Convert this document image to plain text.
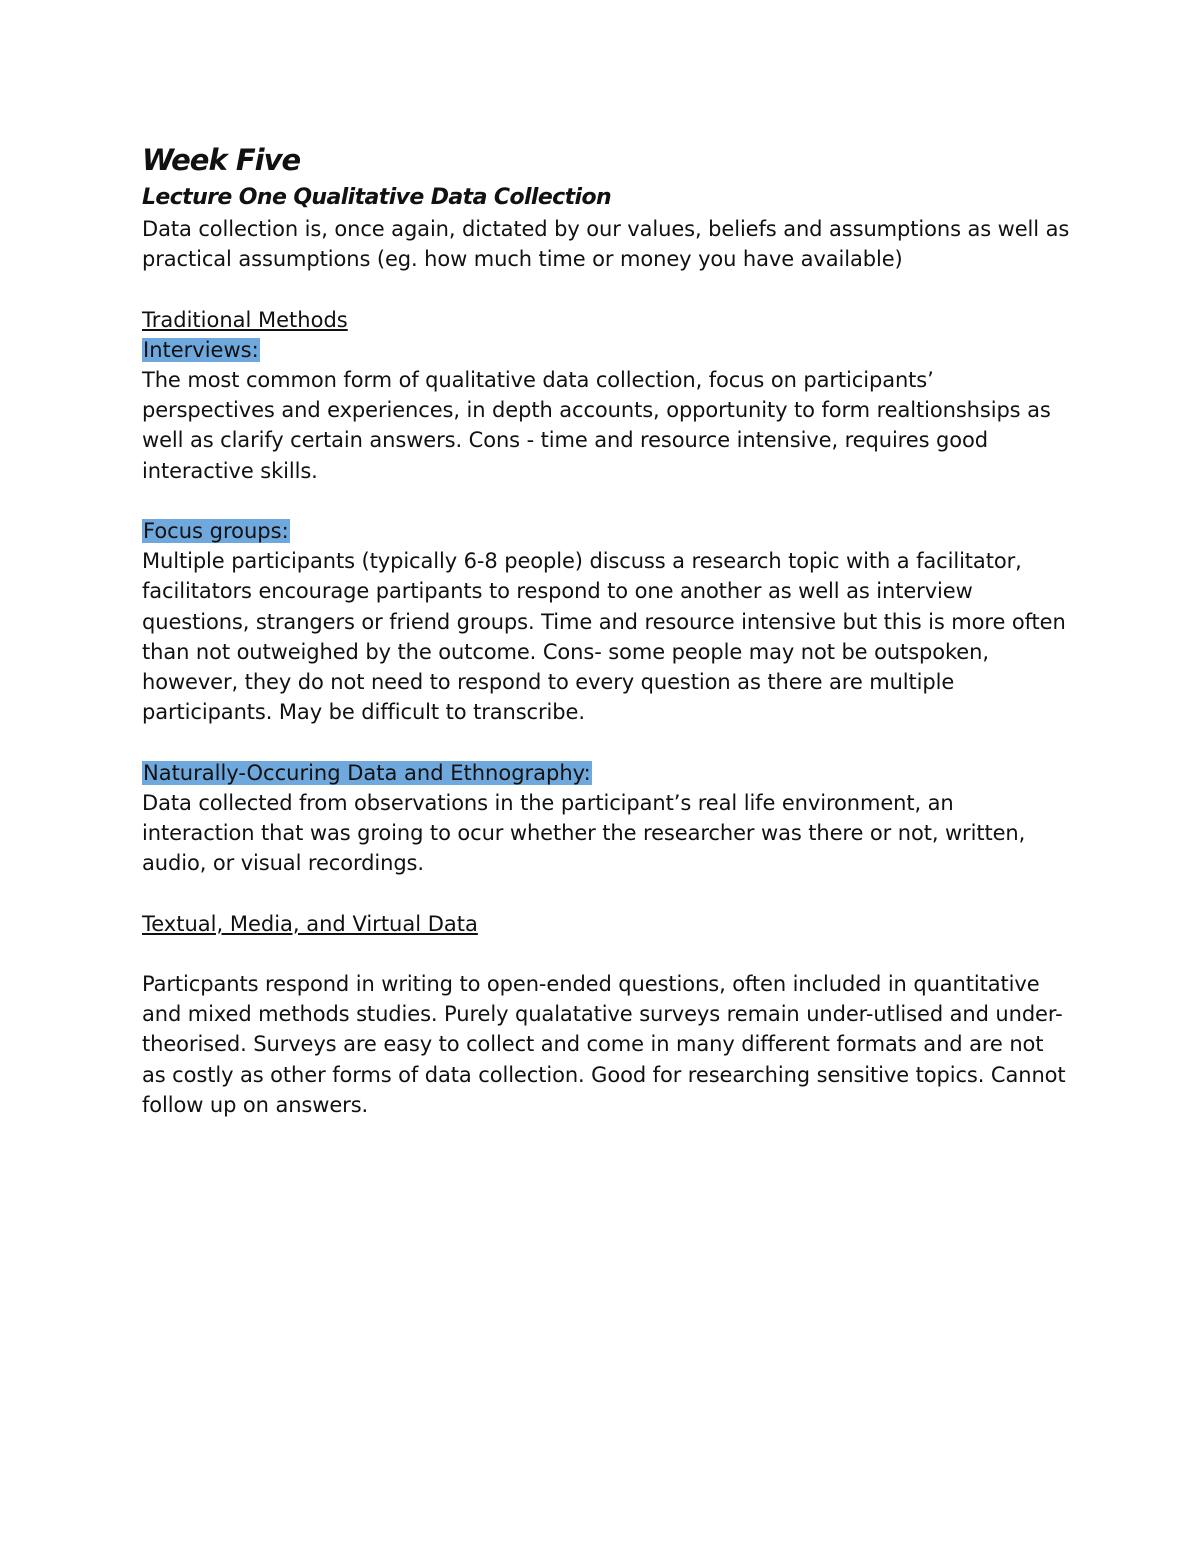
Week Five
Lecture One Qualitative Data Collection

Data collection is, once again, dictated by our values, beliefs and assumptions as well as practical assumptions (eg. how much time or money you have available)

Traditional Methods

Interviews:

The most common form of qualitative data collection, focus on participants’ perspectives and experiences, in depth accounts, opportunity to form realtionshsips as well as clarify certain answers. Cons - time and resource intensive, requires good interactive skills.

Focus groups:

Multiple participants (typically 6-8 people) discuss a research topic with a facilitator, facilitators encourage partipants to respond to one another as well as interview questions, strangers or friend groups. Time and resource intensive but this is more often than not outweighed by the outcome. Cons- some people may not be outspoken, however, they do not need to respond to every question as there are multiple participants. May be difficult to transcribe.

Naturally-Occuring Data and Ethnography:

Data collected from observations in the participant’s real life environment, an interaction that was groing to ocur whether the researcher was there or not, written, audio, or visual recordings.

Textual, Media, and Virtual Data

Particpants respond in writing to open-ended questions, often included in quantitative and mixed methods studies. Purely qualatative surveys remain under-utlised and under-theorised. Surveys are easy to collect and come in many different formats and are not as costly as other forms of data collection. Good for researching sensitive topics. Cannot follow up on answers.
